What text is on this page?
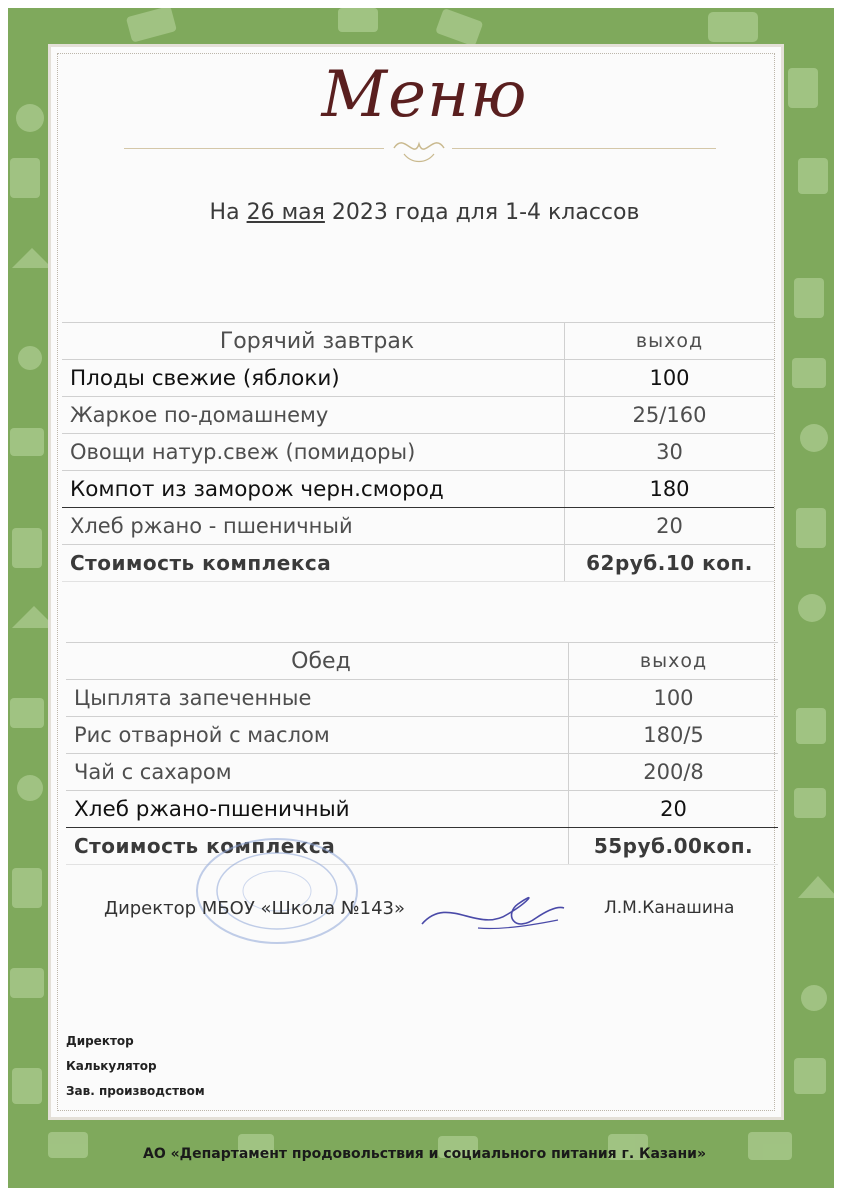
Меню
На 26 мая 2023 года для 1-4 классов
Горячий завтрак	выход
Плоды свежие (яблоки)	100
Жаркое по-домашнему	25/160
Овощи натур.свеж (помидоры)	30
Компот из заморож черн.смород	180
Хлеб ржано - пшеничный	20
Стоимость комплекса	62руб.10 коп.
Обед	выход
Цыплята запеченные	100
Рис отварной с маслом	180/5
Чай с сахаром	200/8
Хлеб ржано-пшеничный	20
Стоимость комплекса	55руб.00коп.
Директор МБОУ «Школа №143»	Л.М.Канашина
Директор
Калькулятор
Зав. производством
АО «Департамент продовольствия и социального питания г. Казани»
